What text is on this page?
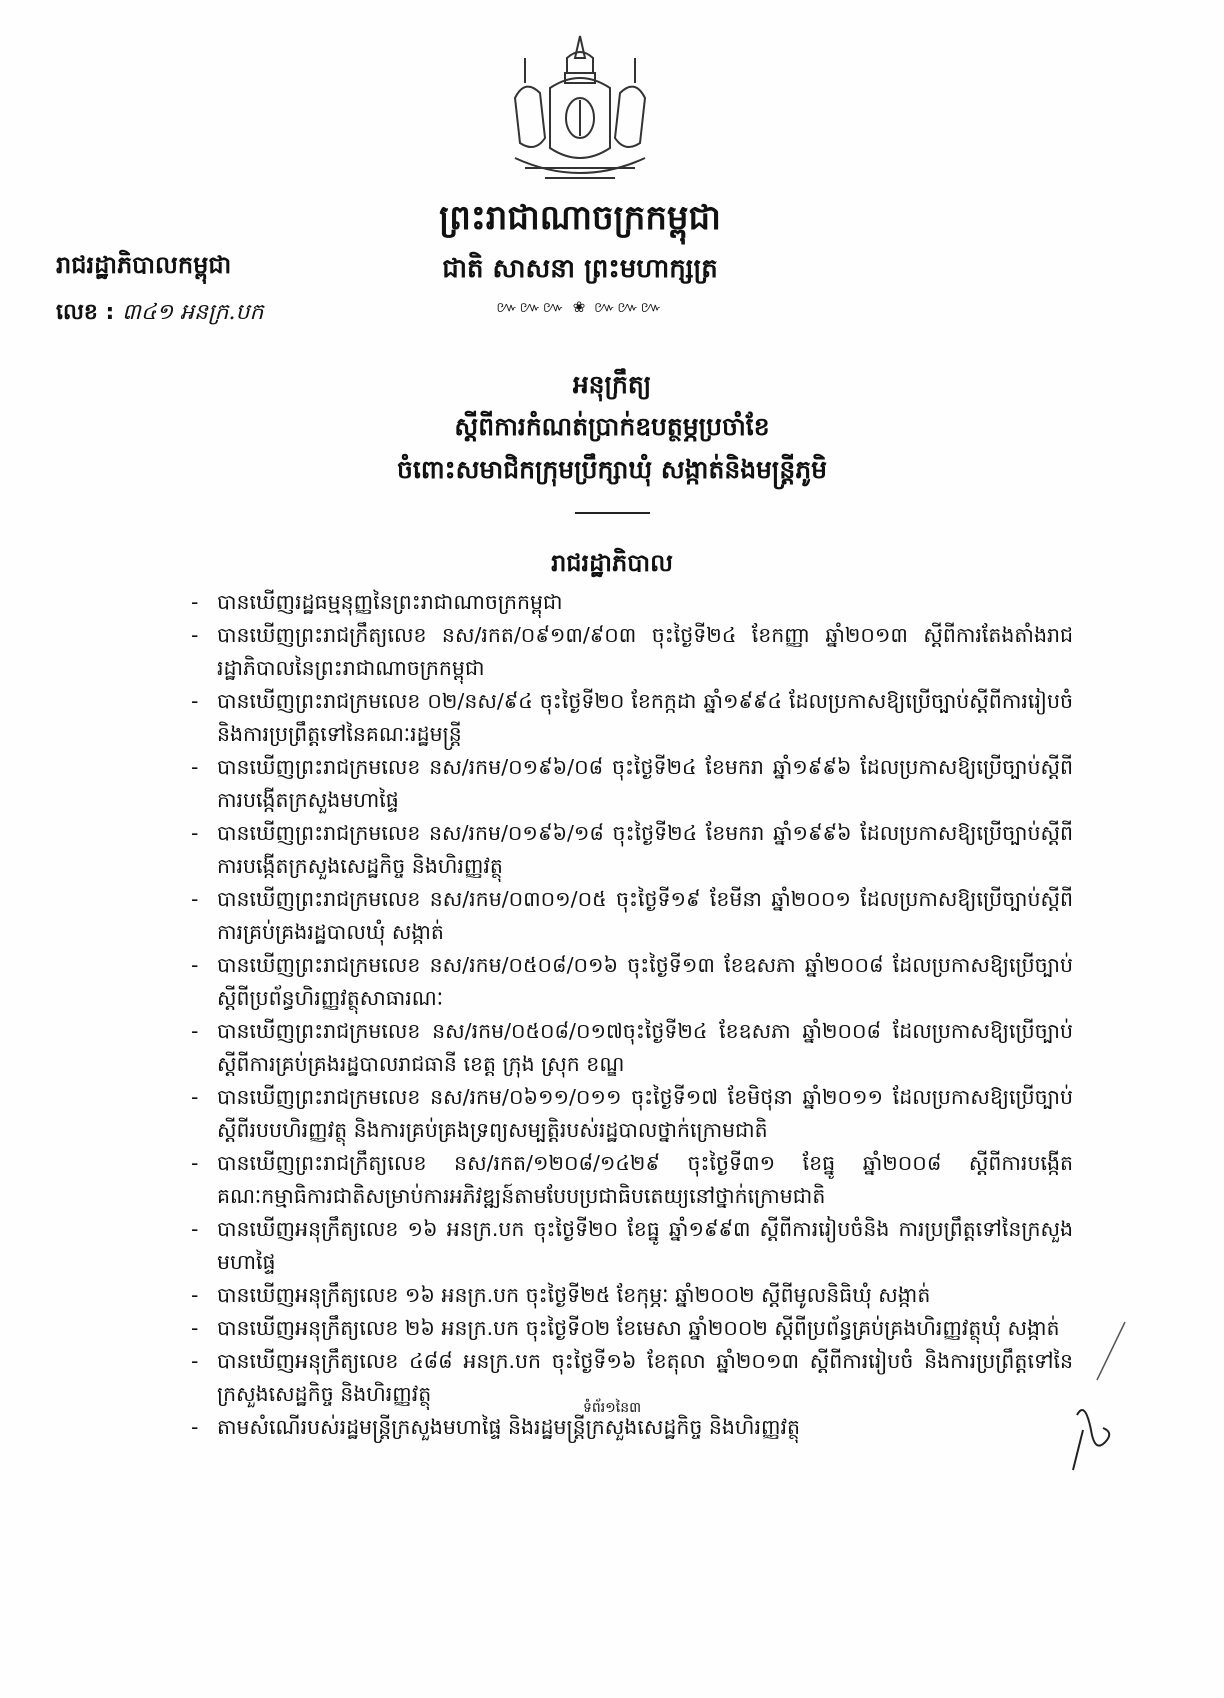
ព្រះរាជាណាចក្រកម្ពុជា
ជាតិ សាសនា ព្រះមហាក្សត្រ
៚៚៚ ❀ ៚៚៚
រាជរដ្ឋាភិបាលកម្ពុជា
លេខ : ៣៤១ អនក្រ.បក
អនុក្រឹត្យ
ស្ដីពីការកំណត់ប្រាក់ឧបត្ថម្ភប្រចាំខែ
ចំពោះសមាជិកក្រុមប្រឹក្សាឃុំ សង្កាត់និងមន្ត្រីភូមិ
រាជរដ្ឋាភិបាល
- បានឃើញរដ្ឋធម្មនុញ្ញនៃព្រះរាជាណាចក្រកម្ពុជា
- បានឃើញព្រះរាជក្រឹត្យលេខ នស/រកត/០៩១៣/៩០៣ ចុះថ្ងៃទី២៤ ខែកញ្ញា ឆ្នាំ២០១៣ ស្ដីពីការតែងតាំងរាជរដ្ឋាភិបាលនៃព្រះរាជាណាចក្រកម្ពុជា
- បានឃើញព្រះរាជក្រមលេខ ០២/នស/៩៤ ចុះថ្ងៃទី២០ ខែកក្កដា ឆ្នាំ១៩៩៤ ដែលប្រកាសឱ្យប្រើច្បាប់ស្ដីពីការរៀបចំនិងការប្រព្រឹត្តទៅនៃគណៈរដ្ឋមន្ត្រី
- បានឃើញព្រះរាជក្រមលេខ នស/រកម/០១៩៦/០៨ ចុះថ្ងៃទី២៤ ខែមករា ឆ្នាំ១៩៩៦ ដែលប្រកាសឱ្យប្រើច្បាប់ស្ដីពីការបង្កើតក្រសួងមហាផ្ទៃ
- បានឃើញព្រះរាជក្រមលេខ នស/រកម/០១៩៦/១៨ ចុះថ្ងៃទី២៤ ខែមករា ឆ្នាំ១៩៩៦ ដែលប្រកាសឱ្យប្រើច្បាប់ស្ដីពីការបង្កើតក្រសួងសេដ្ឋកិច្ច និងហិរញ្ញវត្ថុ
- បានឃើញព្រះរាជក្រមលេខ នស/រកម/០៣០១/០៥ ចុះថ្ងៃទី១៩ ខែមីនា ឆ្នាំ២០០១ ដែលប្រកាសឱ្យប្រើច្បាប់ស្ដីពីការគ្រប់គ្រងរដ្ឋបាលឃុំ សង្កាត់
- បានឃើញព្រះរាជក្រមលេខ នស/រកម/០៥០៨/០១៦ ចុះថ្ងៃទី១៣ ខែឧសភា ឆ្នាំ២០០៨ ដែលប្រកាសឱ្យប្រើច្បាប់ស្ដីពីប្រព័ន្ធហិរញ្ញវត្ថុសាធារណៈ
- បានឃើញព្រះរាជក្រមលេខ នស/រកម/០៥០៨/០១៧ចុះថ្ងៃទី២៤ ខែឧសភា ឆ្នាំ២០០៨ ដែលប្រកាសឱ្យប្រើច្បាប់ស្ដីពីការគ្រប់គ្រងរដ្ឋបាលរាជធានី ខេត្ត ក្រុង ស្រុក ខណ្ឌ
- បានឃើញព្រះរាជក្រមលេខ នស/រកម/០៦១១/០១១ ចុះថ្ងៃទី១៧ ខែមិថុនា ឆ្នាំ២០១១ ដែលប្រកាសឱ្យប្រើច្បាប់ស្ដីពីរបបហិរញ្ញវត្ថុ និងការគ្រប់គ្រងទ្រព្យសម្បត្តិរបស់រដ្ឋបាលថ្នាក់ក្រោមជាតិ
- បានឃើញព្រះរាជក្រឹត្យលេខ នស/រកត/១២០៨/១៤២៩ ចុះថ្ងៃទី៣១ ខែធ្នូ ឆ្នាំ២០០៨ ស្ដីពីការបង្កើតគណៈកម្មាធិការជាតិសម្រាប់ការអភិវឌ្ឍន៍តាមបែបប្រជាធិបតេយ្យនៅថ្នាក់ក្រោមជាតិ
- បានឃើញអនុក្រឹត្យលេខ ១៦ អនក្រ.បក ចុះថ្ងៃទី២០ ខែធ្នូ ឆ្នាំ១៩៩៣ ស្ដីពីការរៀបចំនិង ការប្រព្រឹត្តទៅនៃក្រសួងមហាផ្ទៃ
- បានឃើញអនុក្រឹត្យលេខ ១៦ អនក្រ.បក ចុះថ្ងៃទី២៥ ខែកុម្ភៈ ឆ្នាំ២០០២ ស្ដីពីមូលនិធិឃុំ សង្កាត់
- បានឃើញអនុក្រឹត្យលេខ ២៦ អនក្រ.បក ចុះថ្ងៃទី០២ ខែមេសា ឆ្នាំ២០០២ ស្ដីពីប្រព័ន្ធគ្រប់គ្រងហិរញ្ញវត្ថុឃុំ សង្កាត់
- បានឃើញអនុក្រឹត្យលេខ ៤៨៨ អនក្រ.បក ចុះថ្ងៃទី១៦ ខែតុលា ឆ្នាំ២០១៣ ស្ដីពីការរៀបចំ និងការប្រព្រឹត្តទៅនៃក្រសួងសេដ្ឋកិច្ច និងហិរញ្ញវត្ថុ
- តាមសំណើរបស់រដ្ឋមន្ត្រីក្រសួងមហាផ្ទៃ និងរដ្ឋមន្ត្រីក្រសួងសេដ្ឋកិច្ច និងហិរញ្ញវត្ថុ
ទំព័រ១នៃ៣
